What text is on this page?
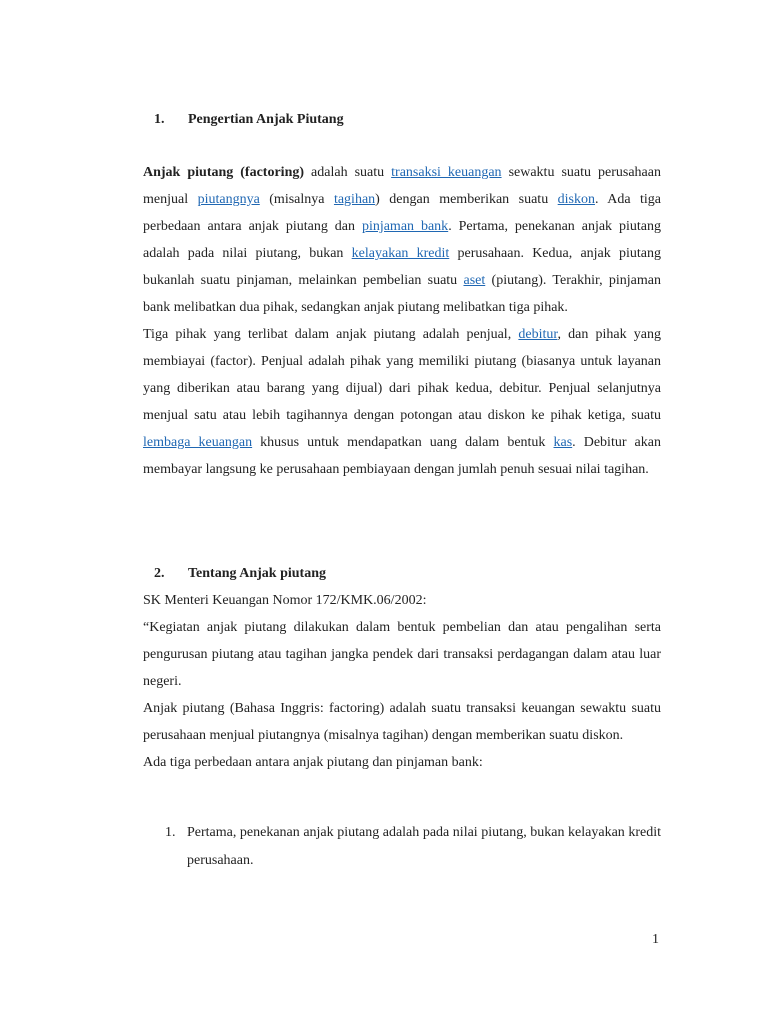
1. Pengertian Anjak Piutang

Anjak piutang (factoring) adalah suatu transaksi keuangan sewaktu suatu perusahaan menjual piutangnya (misalnya tagihan) dengan memberikan suatu diskon. Ada tiga perbedaan antara anjak piutang dan pinjaman bank. Pertama, penekanan anjak piutang adalah pada nilai piutang, bukan kelayakan kredit perusahaan. Kedua, anjak piutang bukanlah suatu pinjaman, melainkan pembelian suatu aset (piutang). Terakhir, pinjaman bank melibatkan dua pihak, sedangkan anjak piutang melibatkan tiga pihak.

Tiga pihak yang terlibat dalam anjak piutang adalah penjual, debitur, dan pihak yang membiayai (factor). Penjual adalah pihak yang memiliki piutang (biasanya untuk layanan yang diberikan atau barang yang dijual) dari pihak kedua, debitur. Penjual selanjutnya menjual satu atau lebih tagihannya dengan potongan atau diskon ke pihak ketiga, suatu lembaga keuangan khusus untuk mendapatkan uang dalam bentuk kas. Debitur akan membayar langsung ke perusahaan pembiayaan dengan jumlah penuh sesuai nilai tagihan.

2. Tentang Anjak piutang

SK Menteri Keuangan Nomor 172/KMK.06/2002:

“Kegiatan anjak piutang dilakukan dalam bentuk pembelian dan atau pengalihan serta pengurusan piutang atau tagihan jangka pendek dari transaksi perdagangan dalam atau luar negeri.

Anjak piutang (Bahasa Inggris: factoring) adalah suatu transaksi keuangan sewaktu suatu perusahaan menjual piutangnya (misalnya tagihan) dengan memberikan suatu diskon.

Ada tiga perbedaan antara anjak piutang dan pinjaman bank:

1. Pertama, penekanan anjak piutang adalah pada nilai piutang, bukan kelayakan kredit perusahaan.
1
